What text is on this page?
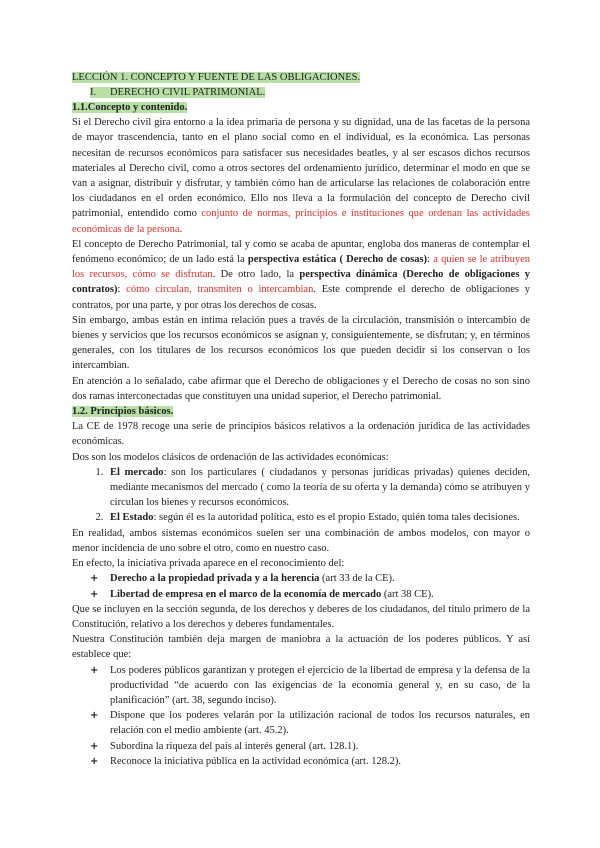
LECCIÓN 1. CONCEPTO Y FUENTE DE LAS OBLIGACIONES.
I. DERECHO CIVIL PATRIMONIAL.
1.1.Concepto y contenido.

Si el Derecho civil gira entorno a la idea primaria de persona y su dignidad, una de las facetas de la persona de mayor trascendencia, tanto en el plano social como en el individual, es la económica. Las personas necesitan de recursos económicos para satisfacer sus necesidades beatles, y al ser escasos dichos recursos materiales al Derecho civil, como a otros sectores del ordenamiento jurídico, determinar el modo en que se van a asignar, distribuir y disfrutar, y también cómo han de articularse las relaciones de colaboración entre los ciudadanos en el orden económico. Ello nos lleva a la formulación del concepto de Derecho civil patrimonial, entendido como conjunto de normas, principios e instituciones que ordenan las actividades económicas de la persona.

El concepto de Derecho Patrimonial, tal y como se acaba de apuntar, engloba dos maneras de contemplar el fenómeno económico; de un lado está la perspectiva estática ( Derecho de cosas): a quien se le atribuyen los recursos, cómo se disfrutan. De otro lado, la perspectiva dinámica (Derecho de obligaciones y contratos): cómo circulan, transmiten o intercambian. Este comprende el derecho de obligaciones y contratos, por una parte, y por otras los derechos de cosas.

Sin embargo, ambas están en íntima relación pues a través de la circulación, transmisión o intercambio de bienes y servicios que los recursos económicos se asignan y, consiguientemente, se disfrutan; y, en términos generales, con los titulares de los recursos económicos los que pueden decidir si los conservan o los intercambian.

En atención a lo señalado, cabe afirmar que el Derecho de obligaciones y el Derecho de cosas no son sino dos ramas interconectadas que constituyen una unidad superior, el Derecho patrimonial.

1.2. Principios básicos.

La CE de 1978 recoge una serie de principios básicos relativos a la ordenación jurídica de las actividades económicas.

Dos son los modelos clásicos de ordenación de las actividades económicas:

1. El mercado: son los particulares ( ciudadanos y personas jurídicas privadas) quienes deciden, mediante mecanismos del mercado ( como la teoría de su oferta y la demanda) cómo se atribuyen y circulan los bienes y recursos económicos.
2. El Estado: según él es la autoridad política, esto es el propio Estado, quién toma tales decisiones.

En realidad, ambos sistemas económicos suelen ser una combinación de ambos modelos, con mayor o menor incidencia de uno sobre el otro, como en nuestro caso.

En efecto, la iniciativa privada aparece en el reconocimiento del:

+ Derecho a la propiedad privada y a la herencia (art 33 de la CE).
+ Libertad de empresa en el marco de la economía de mercado (art 38 CE).

Que se incluyen en la sección segunda, de los derechos y deberes de los ciudadanos, del título primero de la Constitución, relativo a los derechos y deberes fundamentales.

Nuestra Constitución también deja margen de maniobra a la actuación de los poderes públicos. Y así establece que:

+ Los poderes públicos garantizan y protegen el ejercicio de la libertad de empresa y la defensa de la productividad “de acuerdo con las exigencias de la economía general y, en su caso, de la planificación” (art. 38, segundo inciso).
+ Dispone que los poderes velarán por la utilización racional de todos los recursos naturales, en relación con el medio ambiente (art. 45.2).
+ Subordina la riqueza del país al interés general (art. 128.1).
+ Reconoce la iniciativa pública en la actividad económica (art. 128.2).
